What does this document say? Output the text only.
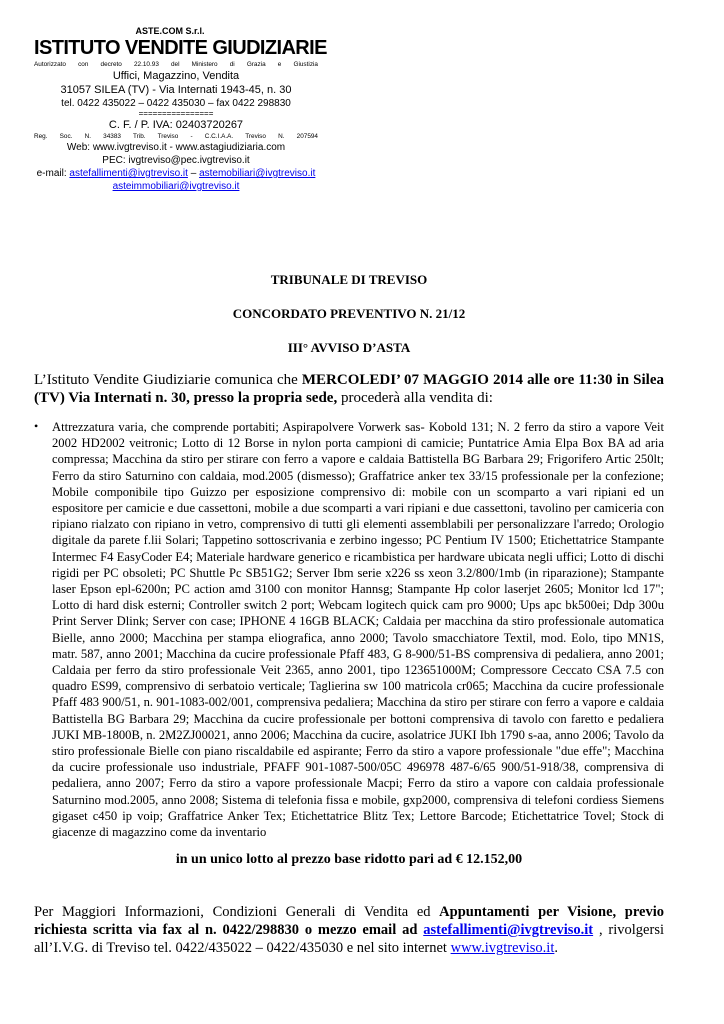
ASTE.COM S.r.l.
ISTITUTO VENDITE GIUDIZIARIE
Autorizzato con decreto 22.10.93 del Ministero di Grazia e Giustizia
Uffici, Magazzino, Vendita
31057 SILEA (TV) - Via Internati 1943-45, n. 30
tel. 0422 435022 – 0422 435030 – fax 0422 298830
================
C. F. / P. IVA: 02403720267
Reg. Soc. N. 34383 Trib. Treviso - C.C.I.A.A. Treviso N. 207594
Web: www.ivgtreviso.it - www.astagiudiziaria.com
PEC: ivgtreviso@pec.ivgtreviso.it
e-mail: astefallimenti@ivgtreviso.it – astemobiliari@ivgtreviso.it
asteimmobiliari@ivgtreviso.it
TRIBUNALE DI TREVISO
CONCORDATO PREVENTIVO N. 21/12
III° AVVISO D’ASTA
L’Istituto Vendite Giudiziarie comunica che MERCOLEDI’ 07 MAGGIO 2014 alle ore 11:30 in Silea (TV) Via Internati n. 30, presso la propria sede, procederà alla vendita di:
• Attrezzatura varia, che comprende portabiti; Aspirapolvere Vorwerk sas- Kobold 131; N. 2 ferro da stiro a vapore Veit 2002 HD2002 veitronic; Lotto di 12 Borse in nylon porta campioni di camicie; Puntatrice Amia Elpa Box BA ad aria compressa; Macchina da stiro per stirare con ferro a vapore e caldaia Battistella BG Barbara 29; Frigorifero Artic 250lt; Ferro da stiro Saturnino con caldaia, mod.2005 (dismesso); Graffatrice anker tex 33/15 professionale per la confezione; Mobile componibile tipo Guizzo per esposizione comprensivo di: mobile con un scomparto a vari ripiani ed un espositore per camicie e due cassettoni, mobile a due scomparti a vari ripiani e due cassettoni, tavolino per camiceria con ripiano rialzato con ripiano in vetro, comprensivo di tutti gli elementi assemblabili per personalizzare l'arredo; Orologio digitale da parete f.lii Solari; Tappetino sottoscrivania e zerbino ingesso; PC Pentium IV 1500; Etichettatrice Stampante Intermec F4 EasyCoder E4; Materiale hardware generico e ricambistica per hardware ubicata negli uffici; Lotto di dischi rigidi per PC obsoleti; PC Shuttle Pc SB51G2; Server Ibm serie x226 ss xeon 3.2/800/1mb (in riparazione); Stampante laser Epson epl-6200n; PC action amd 3100 con monitor Hannsg; Stampante Hp color laserjet 2605; Monitor lcd 17"; Lotto di hard disk esterni; Controller switch 2 port; Webcam logitech quick cam pro 9000; Ups apc bk500ei; Ddp 300u Print Server Dlink; Server con case; IPHONE 4 16GB BLACK; Caldaia per macchina da stiro professionale automatica Bielle, anno 2000; Macchina per stampa eliografica, anno 2000; Tavolo smacchiatore Textil, mod. Eolo, tipo MN1S, matr. 587, anno 2001; Macchina da cucire professionale Pfaff 483, G 8-900/51-BS comprensiva di pedaliera, anno 2001; Caldaia per ferro da stiro professionale Veit 2365, anno 2001, tipo 123651000M; Compressore Ceccato CSA 7.5 con quadro ES99, comprensivo di serbatoio verticale; Taglierina sw 100 matricola cr065; Macchina da cucire professionale Pfaff 483 900/51, n. 901-1083-002/001, comprensiva pedaliera; Macchina da stiro per stirare con ferro a vapore e caldaia Battistella BG Barbara 29; Macchina da cucire professionale per bottoni comprensiva di tavolo con faretto e pedaliera JUKI MB-1800B, n. 2M2ZJ00021, anno 2006; Macchina da cucire, asolatrice JUKI Ibh 1790 s-aa, anno 2006; Tavolo da stiro professionale Bielle con piano riscaldabile ed aspirante; Ferro da stiro a vapore professionale "due effe"; Macchina da cucire professionale uso industriale, PFAFF 901-1087-500/05C 496978 487-6/65 900/51-918/38, comprensiva di pedaliera, anno 2007; Ferro da stiro a vapore professionale Macpi; Ferro da stiro a vapore con caldaia professionale Saturnino mod.2005, anno 2008; Sistema di telefonia fissa e mobile, gxp2000, comprensiva di telefoni cordiess Siemens gigaset c450 ip voip; Graffatrice Anker Tex; Etichettatrice Blitz Tex; Lettore Barcode; Etichettatrice Tovel; Stock di giacenze di magazzino come da inventario
in un unico lotto al prezzo base ridotto pari ad € 12.152,00
Per Maggiori Informazioni, Condizioni Generali di Vendita ed Appuntamenti per Visione, previo richiesta scritta via fax al n. 0422/298830 o mezzo email ad astefallimenti@ivgtreviso.it , rivolgersi all’I.V.G. di Treviso tel. 0422/435022 – 0422/435030 e nel sito internet www.ivgtreviso.it.
